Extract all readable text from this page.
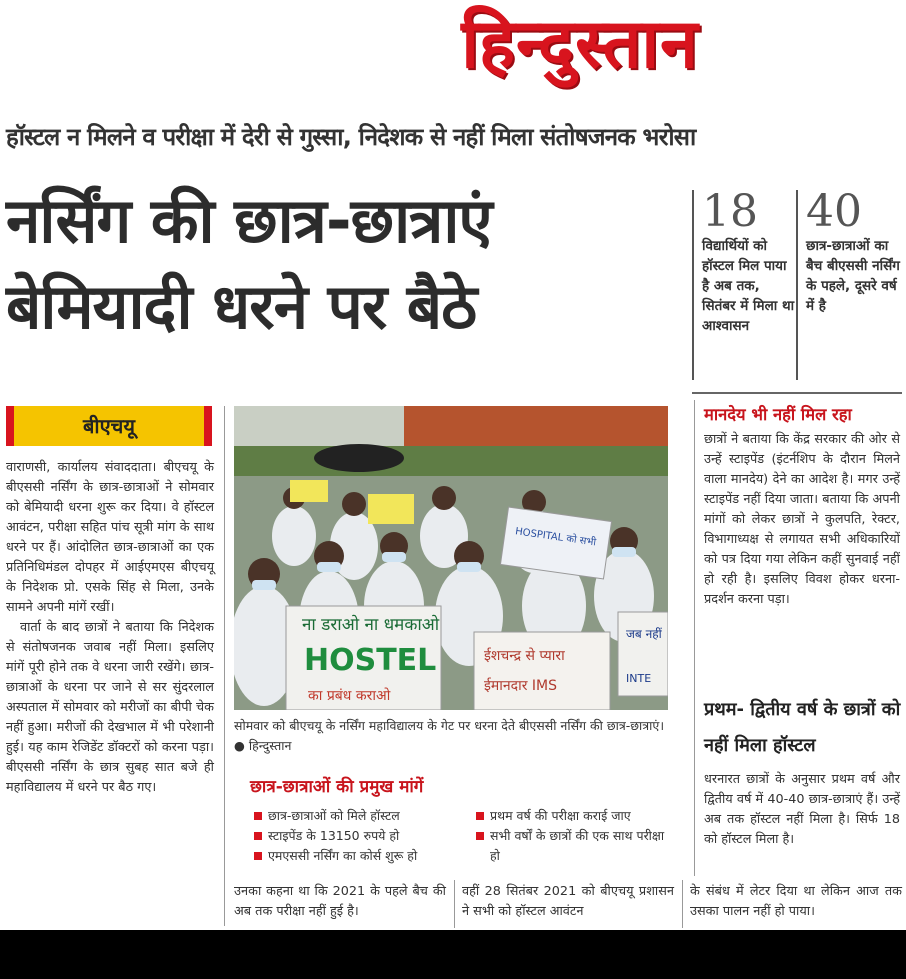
हिन्दुस्तान
हॉस्टल न मिलने व परीक्षा में देरी से गुस्सा, निदेशक से नहीं मिला संतोषजनक भरोसा
नर्सिंग की छात्र-छात्राएं
बेमियादी धरने पर बैठे
18
विद्यार्थियों को हॉस्टल मिल पाया है अब तक, सितंबर में मिला था आश्वासन
40
छात्र-छात्राओं का बैच बीएससी नर्सिंग के पहले, दूसरे वर्ष में है
बीएचयू

वाराणसी, कार्यालय संवाददाता। बीएचयू के बीएससी नर्सिंग के छात्र-छात्राओं ने सोमवार को बेमियादी धरना शुरू कर दिया। वे हॉस्टल आवंटन, परीक्षा सहित पांच सूत्री मांग के साथ धरने पर हैं। आंदोलित छात्र-छात्राओं का एक प्रतिनिधिमंडल दोपहर में आईएमएस बीएचयू के निदेशक प्रो. एसके सिंह से मिला, उनके सामने अपनी मांगें रखीं।

वार्ता के बाद छात्रों ने बताया कि निदेशक से संतोषजनक जवाब नहीं मिला। इसलिए मांगें पूरी होने तक वे धरना जारी रखेंगे। छात्र-छात्राओं के धरना पर जाने से सर सुंदरलाल अस्पताल में सोमवार को मरीजों का बीपी चेक नहीं हुआ। मरीजों की देखभाल में भी परेशानी हुई। यह काम रेजिडेंट डॉक्टरों को करना पड़ा। बीएससी नर्सिंग के छात्र सुबह सात बजे ही महाविद्यालय में धरने पर बैठ गए।

ना डराओ ना धमकाओ
HOSTEL
का प्रबंध कराओ
ईशचन्द्र से प्यारा
ईमानदार IMS
जब नहीं
INTE
HOSPITAL को सभी
सोमवार को बीएचयू के नर्सिंग महाविद्यालय के गेट पर धरना देते बीएससी नर्सिंग की छात्र-छात्राएं। ● हिन्दुस्तान
छात्र-छात्राओं की प्रमुख मांगें
छात्र-छात्राओं को मिले हॉस्टल
स्टाइपेंड के 13150 रुपये हो
एमएससी नर्सिंग का कोर्स शुरू हो
प्रथम वर्ष की परीक्षा कराई जाए
सभी वर्षों के छात्रों की एक साथ परीक्षा हो
उनका कहना था कि 2021 के पहले बैच की अब तक परीक्षा नहीं हुई है।
वहीं 28 सितंबर 2021 को बीएचयू प्रशासन ने सभी को हॉस्टल आवंटन
के संबंध में लेटर दिया था लेकिन आज तक उसका पालन नहीं हो पाया।
मानदेय भी नहीं मिल रहा
छात्रों ने बताया कि केंद्र सरकार की ओर से उन्हें स्टाइपेंड (इंटर्नशिप के दौरान मिलने वाला मानदेय) देने का आदेश है। मगर उन्हें स्टाइपेंड नहीं दिया जाता। बताया कि अपनी मांगों को लेकर छात्रों ने कुलपति, रेक्टर, विभागाध्यक्ष से लगायत सभी अधिकारियों को पत्र दिया गया लेकिन कहीं सुनवाई नहीं हो रही है। इसलिए विवश होकर धरना-प्रदर्शन करना पड़ा।
प्रथम- द्वितीय वर्ष के छात्रों को नहीं मिला हॉस्टल
धरनारत छात्रों के अनुसार प्रथम वर्ष और द्वितीय वर्ष में 40-40 छात्र-छात्राएं हैं। उन्हें अब तक हॉस्टल नहीं मिला है। सिर्फ 18 को हॉस्टल मिला है।
